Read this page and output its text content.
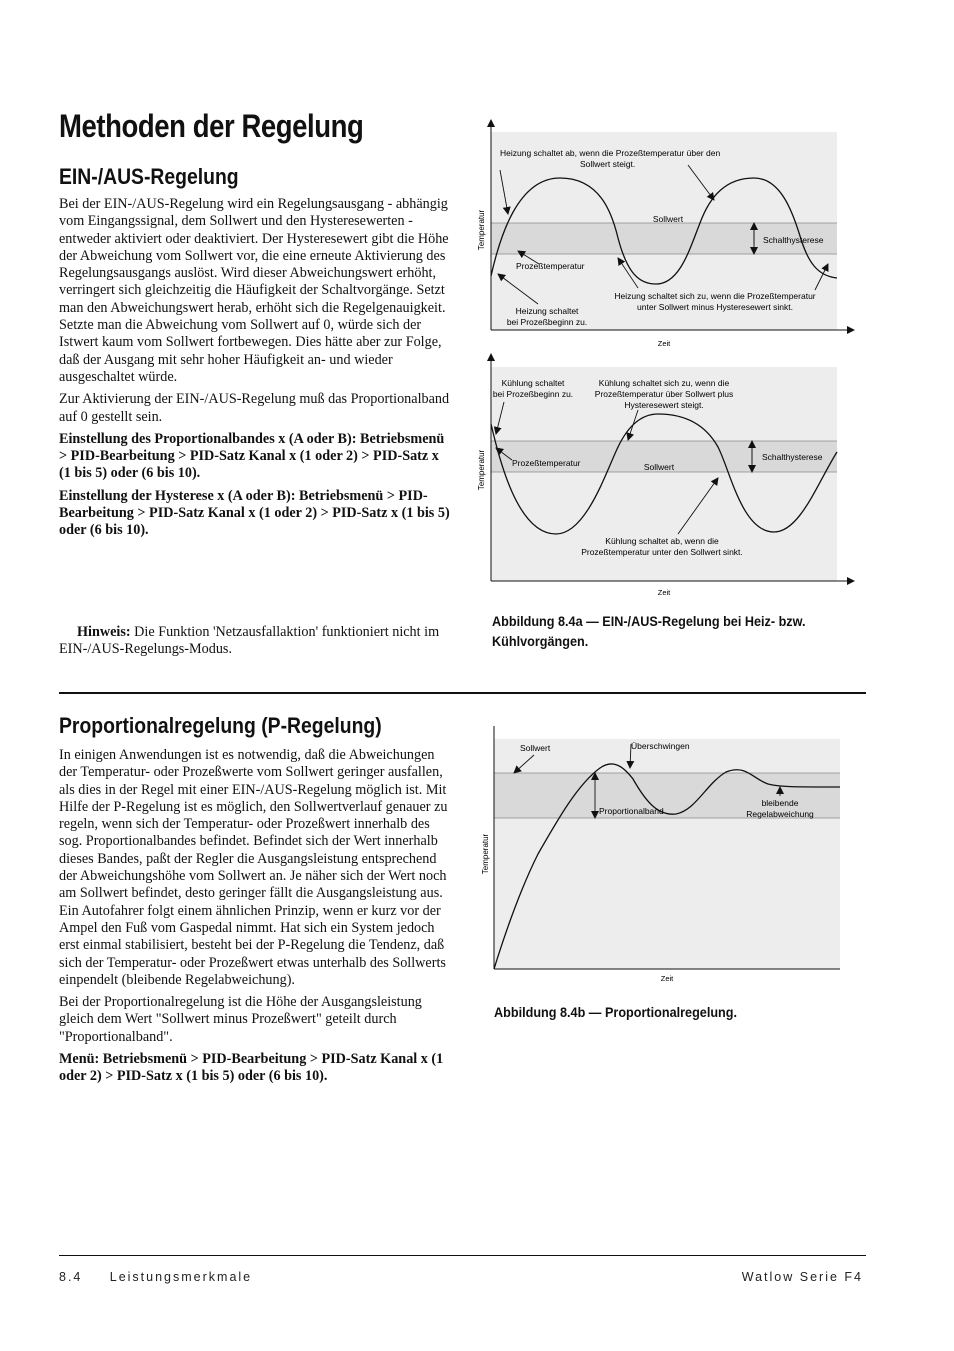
Methoden der Regelung
EIN-/AUS-Regelung

Bei der EIN-/AUS-Regelung wird ein Regelungsausgang - abhängig vom Eingangssignal, dem Sollwert und den Hysteresewerten - entweder aktiviert oder deaktiviert. Der Hysteresewert gibt die Höhe der Abweichung vom Sollwert vor, die eine erneute Aktivierung des Regelungsausgangs auslöst. Wird dieser Abweichungswert erhöht, verringert sich gleichzeitig die Häufigkeit der Schaltvorgänge. Setzt man den Abweichungswert herab, erhöht sich die Regelgenauigkeit. Setzte man die Abweichung vom Sollwert auf 0, würde sich der Istwert kaum vom Sollwert fortbewegen. Dies hätte aber zur Folge, daß der Ausgang mit sehr hoher Häufigkeit an- und wieder ausgeschaltet würde.

Zur Aktivierung der EIN-/AUS-Regelung muß das Proportionalband auf 0 gestellt sein.

Einstellung des Proportionalbandes x (A oder B): Betriebsmenü > PID-Bearbeitung > PID-Satz Kanal x (1 oder 2) > PID-Satz x (1 bis 5) oder (6 bis 10).

Einstellung der Hysterese x (A oder B): Betriebsmenü > PID-Bearbeitung > PID-Satz Kanal x (1 oder 2) > PID-Satz x (1 bis 5) oder (6 bis 10).

Hinweis: Die Funktion 'Netzausfallaktion' funktioniert nicht im EIN-/AUS-Regelungs-Modus.

Temperatur
Zeit
Heizung schaltet ab, wenn die Prozeßtemperatur über den
Sollwert steigt.
Sollwert
Schalthysterese
Prozeßtemperatur
Heizung schaltet
bei Prozeßbeginn zu.
Heizung schaltet sich zu, wenn die Prozeßtemperatur
unter Sollwert minus Hysteresewert sinkt.
Temperatur
Zeit
Kühlung schaltet
bei Prozeßbeginn zu.
Kühlung schaltet sich zu, wenn die
Prozeßtemperatur über Sollwert plus
Hysteresewert steigt.
Prozeßtemperatur	Sollwert
Schalthysterese
Kühlung schaltet ab, wenn die
Prozeßtemperatur unter den Sollwert sinkt.
Abbildung 8.4a — EIN-/AUS-Regelung bei Heiz- bzw. Kühlvorgängen.
Proportionalregelung (P-Regelung)

In einigen Anwendungen ist es notwendig, daß die Abweichungen der Temperatur- oder Prozeßwerte vom Sollwert geringer ausfallen, als dies in der Regel mit einer EIN-/AUS-Regelung möglich ist. Mit Hilfe der P-Regelung ist es möglich, den Sollwertverlauf genauer zu regeln, wenn sich der Temperatur- oder Prozeßwert innerhalb des sog. Proportionalbandes befindet. Befindet sich der Wert innerhalb dieses Bandes, paßt der Regler die Ausgangsleistung entsprechend der Abweichungshöhe vom Sollwert an. Je näher sich der Wert noch am Sollwert befindet, desto geringer fällt die Ausgangsleistung aus. Ein Autofahrer folgt einem ähnlichen Prinzip, wenn er kurz vor der Ampel den Fuß vom Gaspedal nimmt. Hat sich ein System jedoch erst einmal stabilisiert, besteht bei der P-Regelung die Tendenz, daß sich der Temperatur- oder Prozeßwert etwas unterhalb des Sollwerts einpendelt (bleibende Regelabweichung).

Bei der Proportionalregelung ist die Höhe der Ausgangsleistung gleich dem Wert "Sollwert minus Prozeßwert" geteilt durch "Proportionalband".

Menü: Betriebsmenü > PID-Bearbeitung > PID-Satz Kanal x (1 oder 2) > PID-Satz x (1 bis 5) oder (6 bis 10).

Temperatur
Zeit
Sollwert	Überschwingen
Proportionalband
bleibende
Regelabweichung
Abbildung 8.4b — Proportionalregelung.
8.4     Leistungsmerkmale	Watlow Serie F4
